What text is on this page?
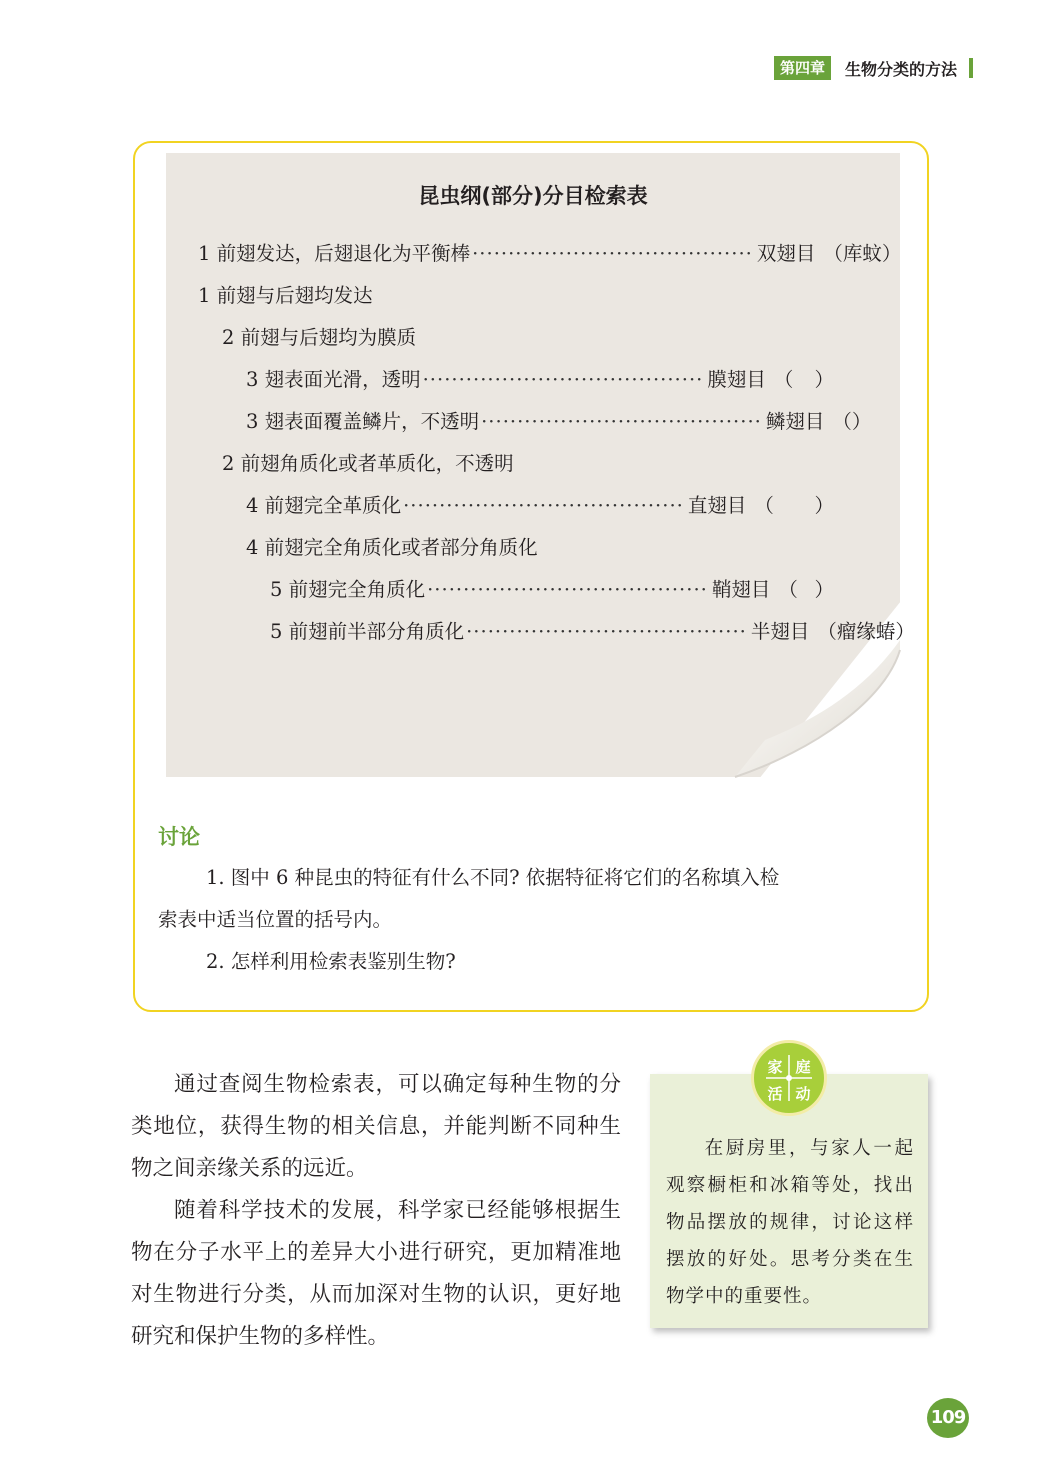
第四章	生物分类的方法
昆虫纲(部分)分目检索表
1 前翅发达，后翅退化为平衡棒 ······································· 双翅目 （ 库蚊 ）
1 前翅与后翅均发达
2 前翅与后翅均为膜质
3 翅表面光滑，透明 ······································· 膜翅目 （ ）
3 翅表面覆盖鳞片，不透明 ······································· 鳞翅目 （ ）
2 前翅角质化或者革质化，不透明
4 前翅完全革质化 ······································· 直翅目 （ ）
4 前翅完全角质化或者部分角质化
5 前翅完全角质化 ······································· 鞘翅目 （ ）
5 前翅前半部分角质化 ······································· 半翅目 （ 瘤缘蝽 ）
讨论
1. 图中 6 种昆虫的特征有什么不同? 依据特征将它们的名称填入检
索表中适当位置的括号内。
2. 怎样利用检索表鉴别生物?

通过查阅生物检索表，可以确定每种生物的分类地位，获得生物的相关信息，并能判断不同种生物之间亲缘关系的远近。

随着科学技术的发展，科学家已经能够根据生物在分子水平上的差异大小进行研究，更加精准地对生物进行分类，从而加深对生物的认识，更好地研究和保护生物的多样性。

家 庭
活 动
在厨房里，与家人一起观察橱柜和冰箱等处，找出物品摆放的规律，讨论这样摆放的好处。思考分类在生物学中的重要性。
109
